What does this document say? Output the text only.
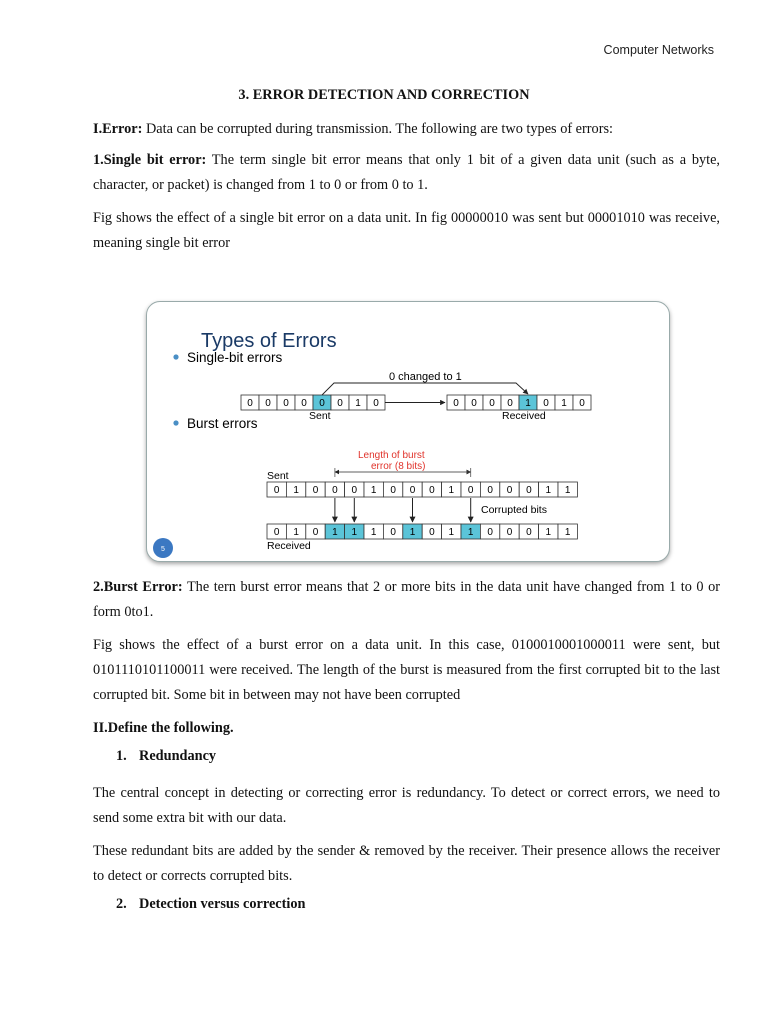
Computer Networks
3. ERROR DETECTION AND CORRECTION
I.Error: Data can be corrupted during transmission. The following are two types of errors:
1.Single bit error: The term single bit error means that only 1 bit of a given data unit (such as a byte, character, or packet) is changed from 1 to 0 or from 0 to 1.
Fig shows the effect of a single bit error on a data unit. In fig 00000010 was sent but 00001010 was receive, meaning single bit error
Types of Errors
Single-bit errors
0 changed to 1
0 0 0 0 0 0 1 0	0 0 0 0 1 0 1 0
Sent	Received
Burst errors
Length of burst
error (8 bits)
Sent
0 1 0 0 0 1 0 0 0 1 0 0 0 0 1 1
0 1 0 1 1 1 0 1 0 1 1 0 0 0 1 1
Corrupted bits
Received
5
2.Burst Error: The tern burst error means that 2 or more bits in the data unit have changed from 1 to 0 or form 0to1.
Fig shows the effect of a burst error on a data unit. In this case, 0100010001000011 were sent, but 0101110101100011 were received. The length of the burst is measured from the first corrupted bit to the last corrupted bit. Some bit in between may not have been corrupted
II.Define the following.
1. Redundancy
The central concept in detecting or correcting error is redundancy. To detect or correct errors, we need to send some extra bit with our data.
These redundant bits are added by the sender & removed by the receiver. Their presence allows the receiver to detect or corrects corrupted bits.
2. Detection versus correction
